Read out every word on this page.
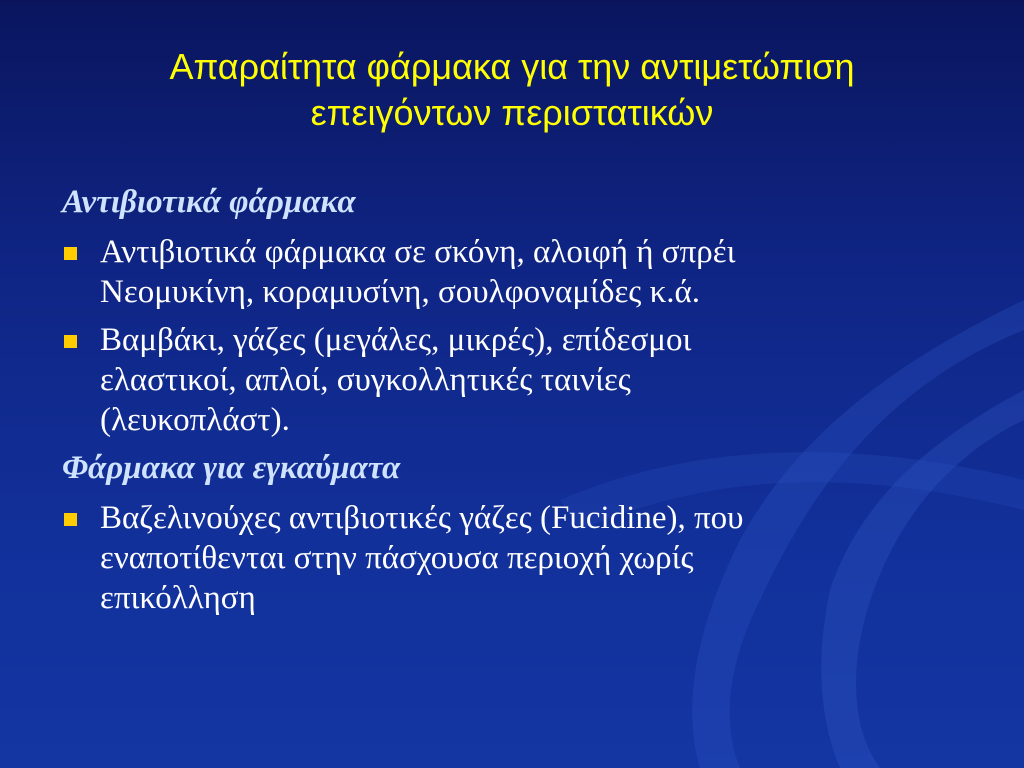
Απαραίτητα φάρμακα για την αντιμετώπιση
επειγόντων περιστατικών
Αντιβιοτικά φάρμακα
Αντιβιοτικά φάρμακα σε σκόνη, αλοιφή ή σπρέι
Νεομυκίνη, κοραμυσίνη, σουλφοναμίδες κ.ά.
Βαμβάκι, γάζες (μεγάλες, μικρές), επίδεσμοι
ελαστικοί, απλοί, συγκολλητικές ταινίες
(λευκοπλάστ).
Φάρμακα για εγκαύματα
Βαζελινούχες αντιβιοτικές γάζες (Fucidine), που
εναποτίθενται στην πάσχουσα περιοχή χωρίς
επικόλληση
